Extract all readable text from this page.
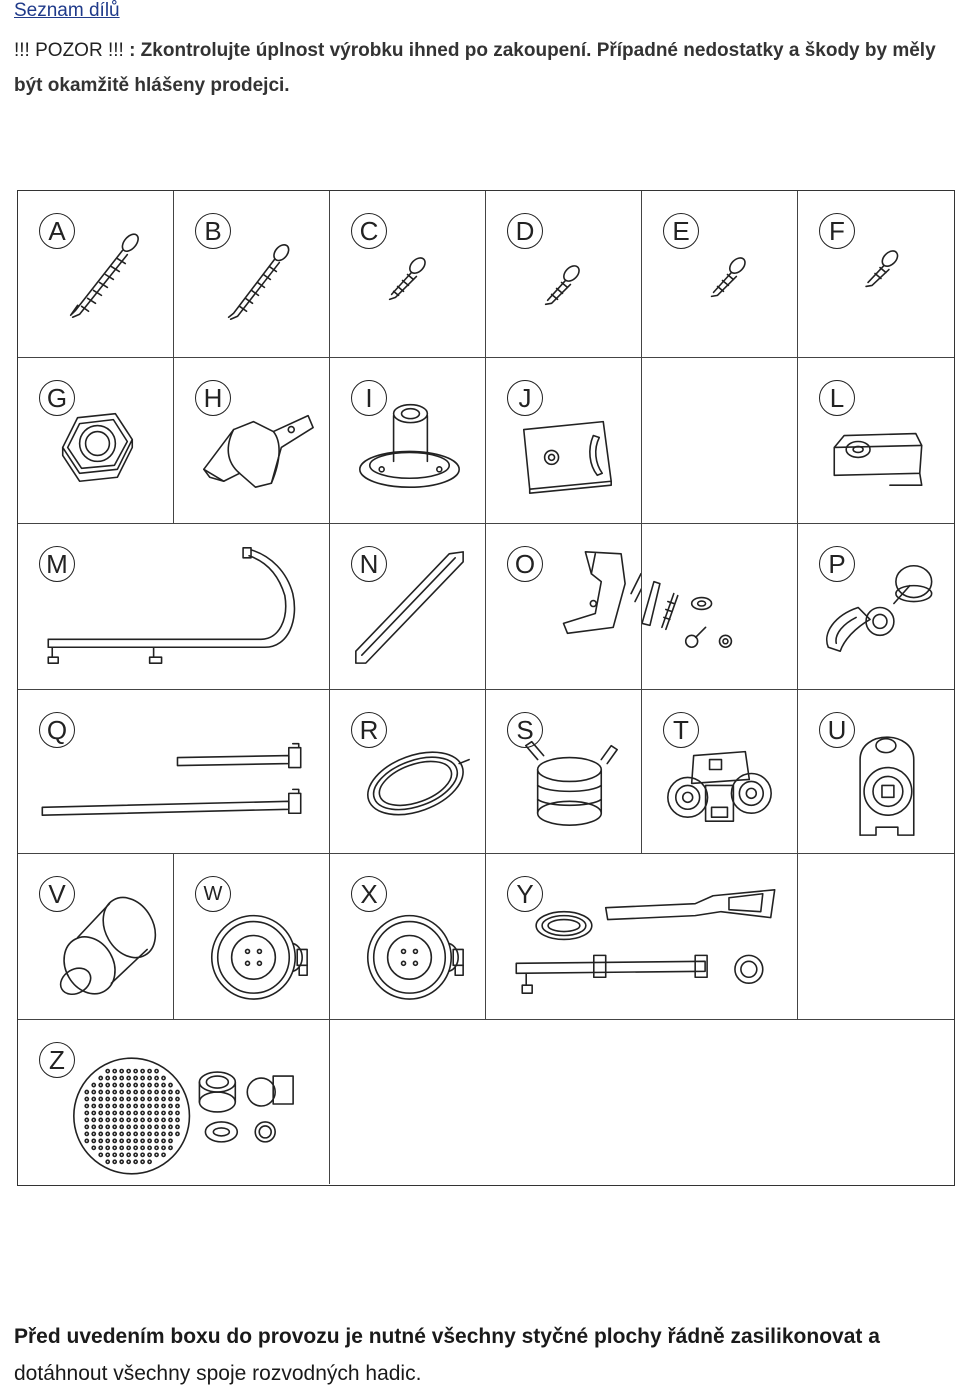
Seznam dílů
!!! POZOR !!! : Zkontrolujte úplnost výrobku ihned po zakoupení. Případné nedostatky a škody by měly být okamžitě hlášeny prodejci.
A	B	C	D	E	F
G	H	I	J	L
M	N	O	P
Q	R	S	T	U
V	W	X	Y
Z
Před uvedením boxu do provozu je nutné všechny styčné plochy řádně zasilikonovat a dotáhnout všechny spoje rozvodných hadic.
